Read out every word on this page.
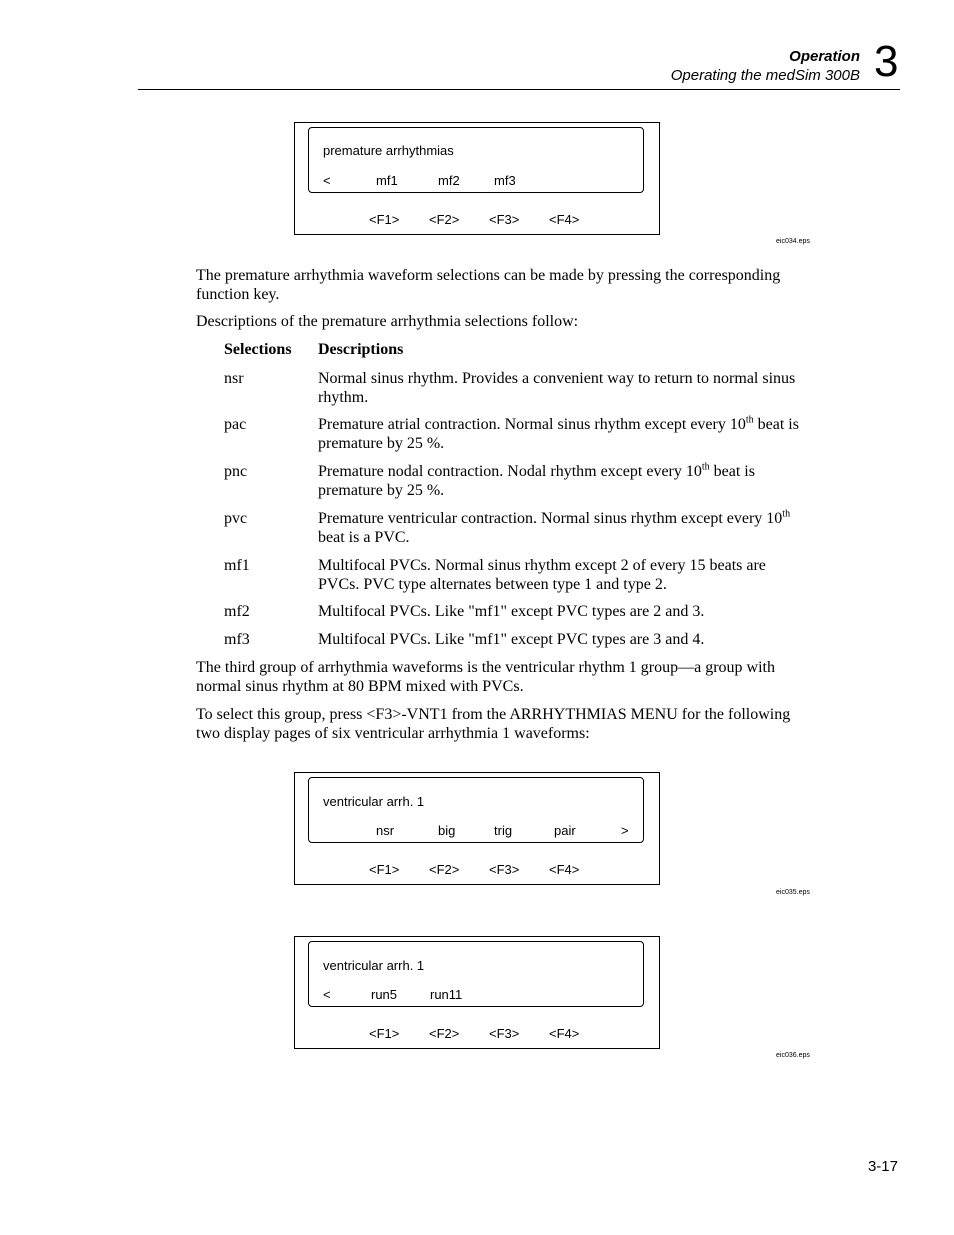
Operation
Operating the medSim 300B 3
premature arrhythmias
<	mf1	mf2	mf3
<F1> <F2> <F3> <F4>
eic034.eps
The premature arrhythmia waveform selections can be made by pressing the corresponding function key.
Descriptions of the premature arrhythmia selections follow:
Selections Descriptions
nsr	Normal sinus rhythm. Provides a convenient way to return to normal sinus rhythm.
pac	Premature atrial contraction. Normal sinus rhythm except every 10th beat is premature by 25 %.
pnc	Premature nodal contraction. Nodal rhythm except every 10th beat is premature by 25 %.
pvc	Premature ventricular contraction. Normal sinus rhythm except every 10th beat is a PVC.
mf1	Multifocal PVCs. Normal sinus rhythm except 2 of every 15 beats are PVCs. PVC type alternates between type 1 and type 2.
mf2	Multifocal PVCs. Like "mf1" except PVC types are 2 and 3.
mf3	Multifocal PVCs. Like "mf1" except PVC types are 3 and 4.
The third group of arrhythmia waveforms is the ventricular rhythm 1 group—a group with normal sinus rhythm at 80 BPM mixed with PVCs.
To select this group, press <F3>-VNT1 from the ARRHYTHMIAS MENU for the following two display pages of six ventricular arrhythmia 1 waveforms:
ventricular arrh. 1
nsr	big	trig	pair	>
<F1> <F2> <F3> <F4>
eic035.eps
ventricular arrh. 1
<	run5	run11
<F1> <F2> <F3> <F4>
eic036.eps
3-17
